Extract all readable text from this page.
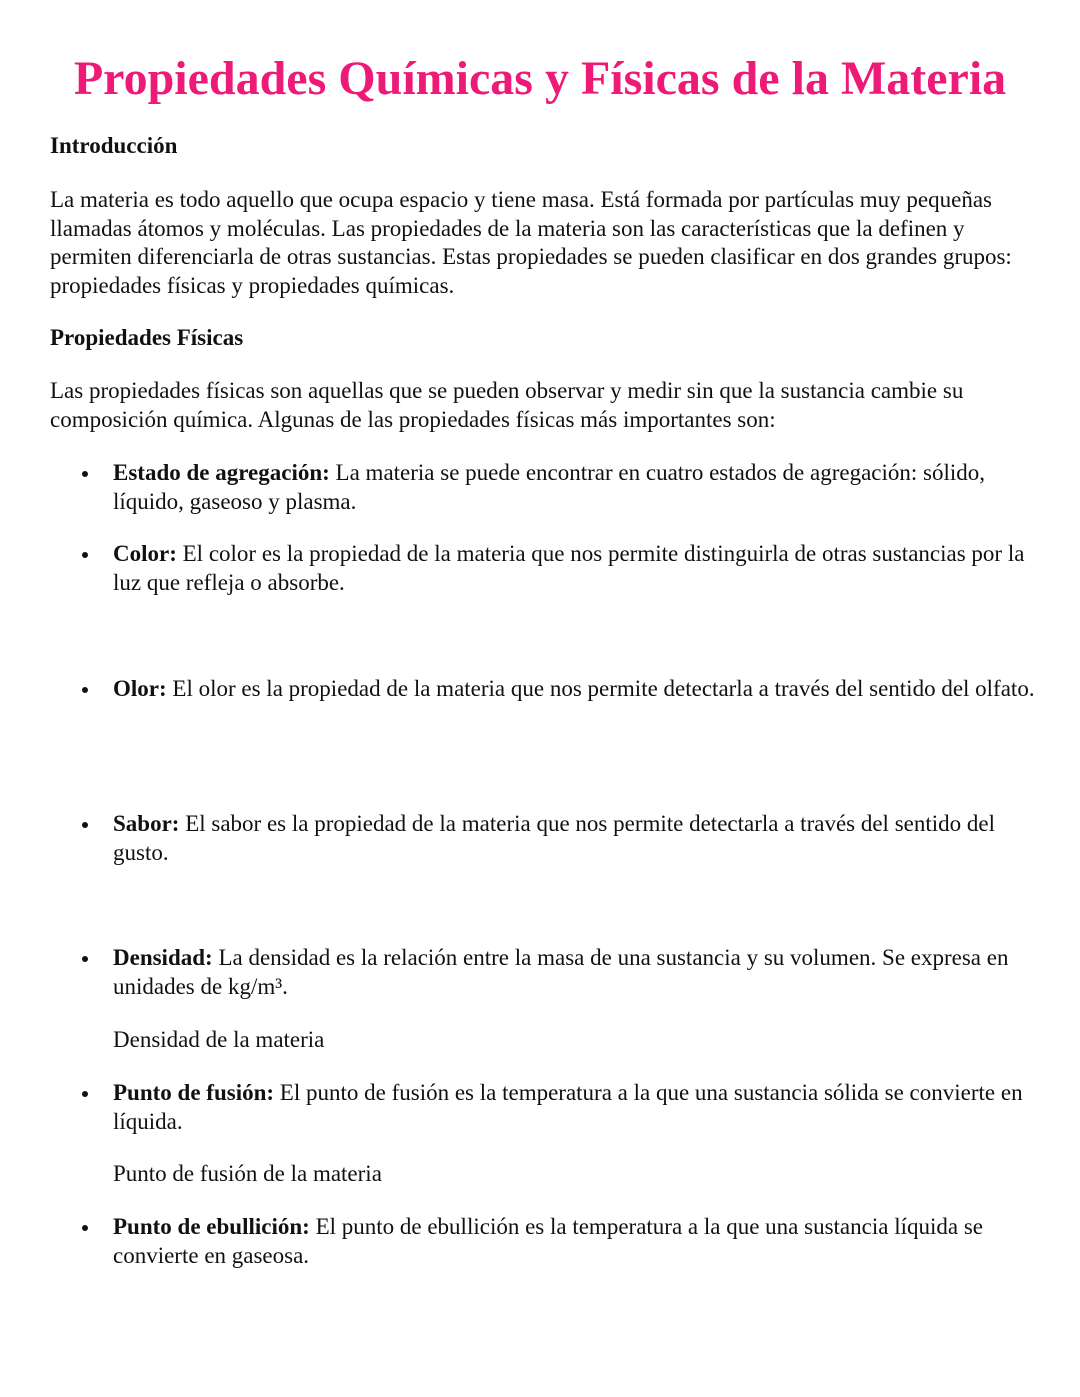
Propiedades Químicas y Físicas de la Materia
Introducción

La materia es todo aquello que ocupa espacio y tiene masa. Está formada por partículas muy pequeñas llamadas átomos y moléculas. Las propiedades de la materia son las características que la definen y permiten diferenciarla de otras sustancias. Estas propiedades se pueden clasificar en dos grandes grupos: propiedades físicas y propiedades químicas.

Propiedades Físicas

Las propiedades físicas son aquellas que se pueden observar y medir sin que la sustancia cambie su composición química. Algunas de las propiedades físicas más importantes son:

Estado de agregación: La materia se puede encontrar en cuatro estados de agregación: sólido, líquido, gaseoso y plasma.

Color: El color es la propiedad de la materia que nos permite distinguirla de otras sustancias por la luz que refleja o absorbe.

Olor: El olor es la propiedad de la materia que nos permite detectarla a través del sentido del olfato.

Sabor: El sabor es la propiedad de la materia que nos permite detectarla a través del sentido del gusto.

Densidad: La densidad es la relación entre la masa de una sustancia y su volumen. Se expresa en unidades de kg/m³.

Densidad de la materia

Punto de fusión: El punto de fusión es la temperatura a la que una sustancia sólida se convierte en líquida.

Punto de fusión de la materia

Punto de ebullición: El punto de ebullición es la temperatura a la que una sustancia líquida se convierte en gaseosa.
